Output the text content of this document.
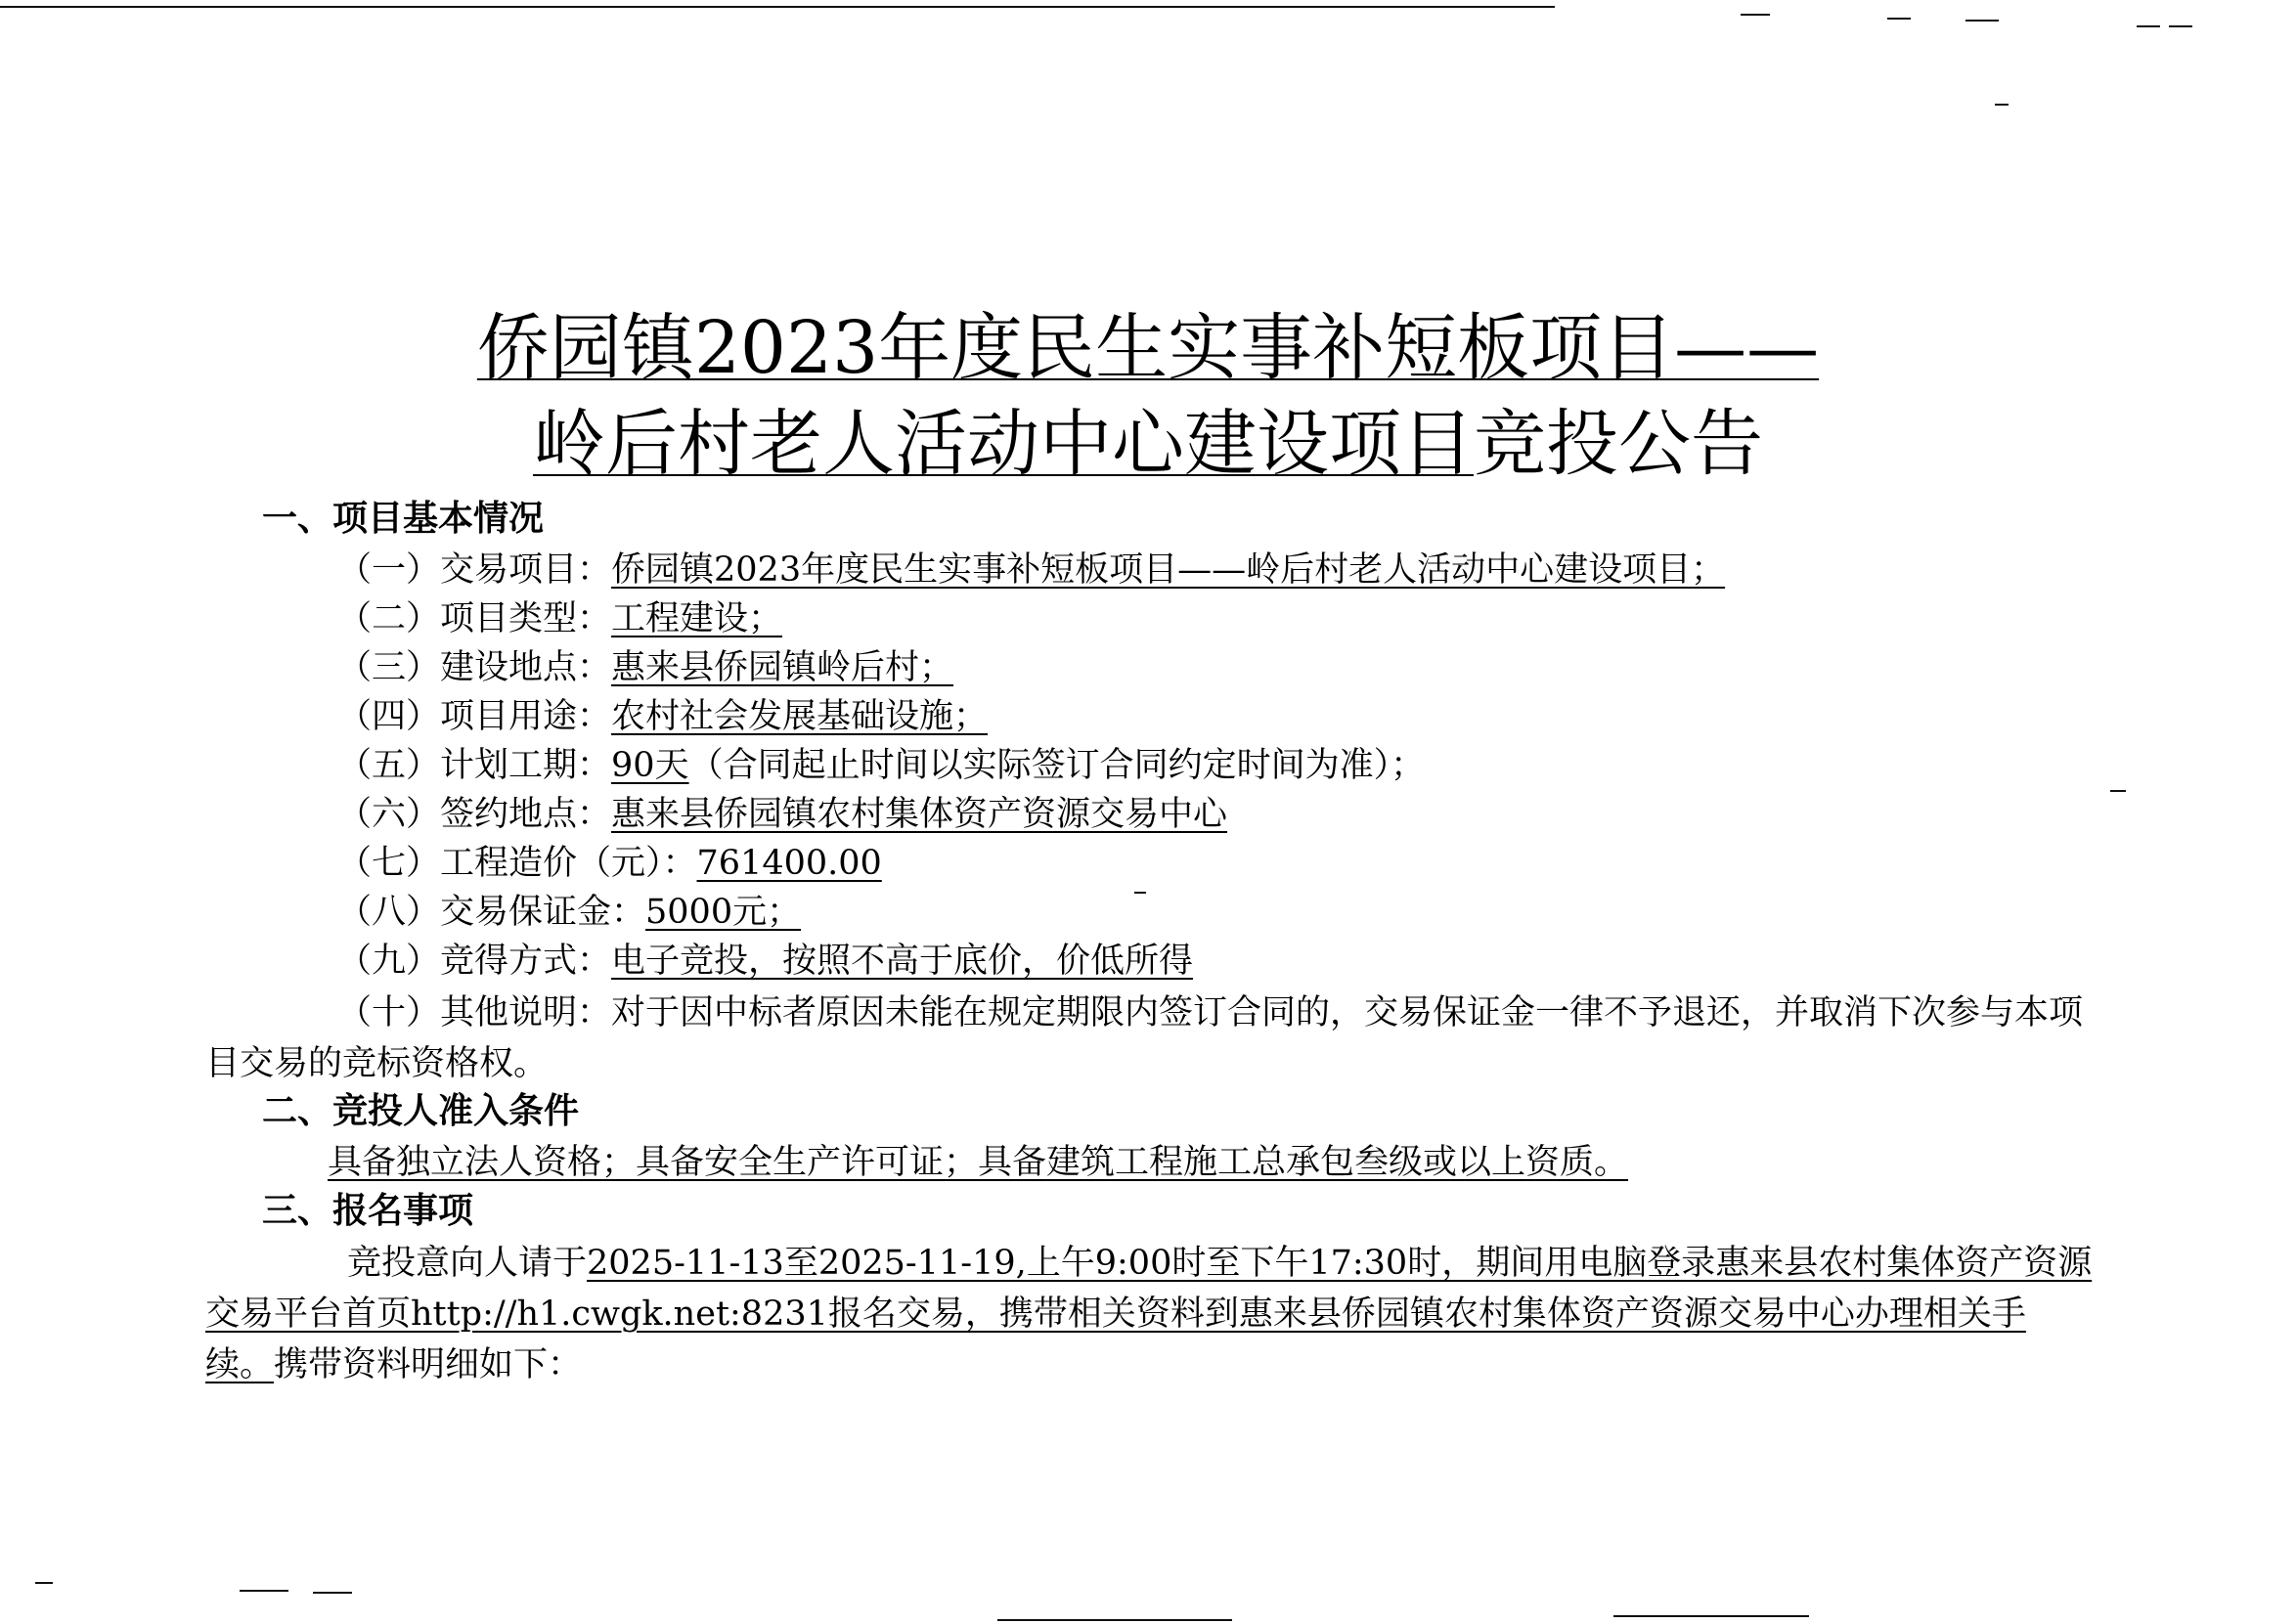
侨园镇2023年度民生实事补短板项目——
岭后村老人活动中心建设项目竞投公告
一、项目基本情况
（一）交易项目：侨园镇2023年度民生实事补短板项目——岭后村老人活动中心建设项目；
（二）项目类型：工程建设；
（三）建设地点：惠来县侨园镇岭后村；
（四）项目用途：农村社会发展基础设施；
（五）计划工期：90天（合同起止时间以实际签订合同约定时间为准）；
（六）签约地点：惠来县侨园镇农村集体资产资源交易中心
（七）工程造价（元）：761400.00
（八）交易保证金：5000元；
（九）竞得方式：电子竞投，按照不高于底价，价低所得
（十）其他说明：对于因中标者原因未能在规定期限内签订合同的，交易保证金一律不予退还，并取消下次参与本项目交易的竞标资格权。
二、竞投人准入条件
具备独立法人资格；具备安全生产许可证；具备建筑工程施工总承包叁级或以上资质。
三、报名事项
竞投意向人请于2025-11-13至2025-11-19,上午9:00时至下午17:30时，期间用电脑登录惠来县农村集体资产资源交易平台首页http://h1.cwgk.net:8231报名交易，携带相关资料到惠来县侨园镇农村集体资产资源交易中心办理相关手续。携带资料明细如下：
